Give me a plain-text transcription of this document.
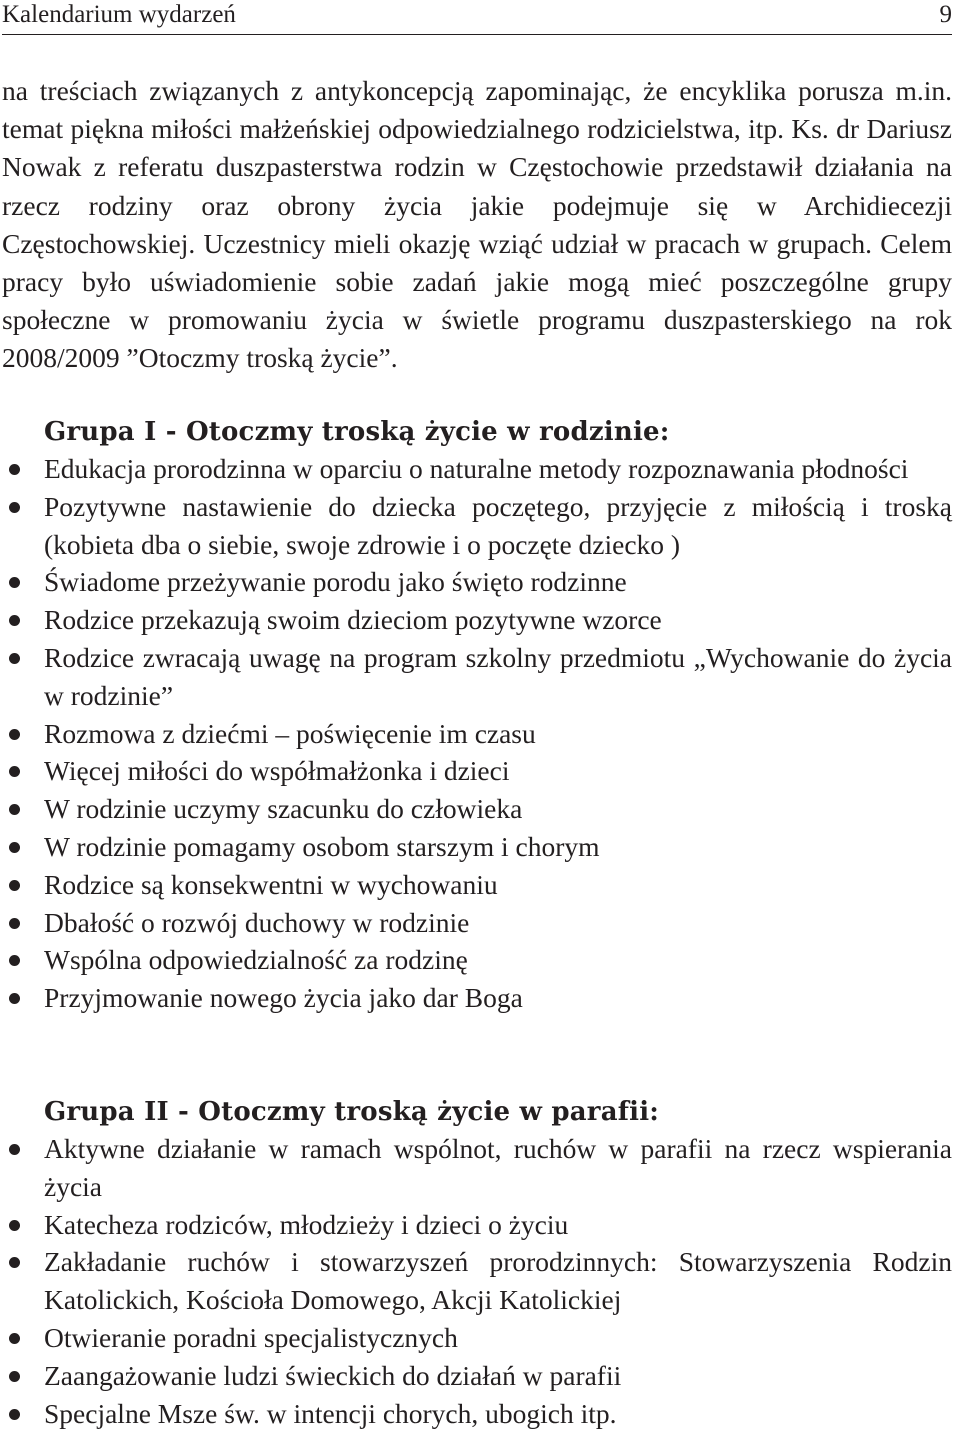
Kalendarium wydarzeń	9

na treściach związanych z antykoncepcją zapominając, że encyklika porusza m.in. temat piękna miłości małżeńskiej odpowiedzialnego rodzicielstwa, itp. Ks. dr Dariusz Nowak z referatu duszpasterstwa rodzin w Częstochowie przedstawił działania na rzecz rodziny oraz obrony życia jakie podejmuje się w Archidiecezji Częstochowskiej. Uczestnicy mieli okazję wziąć udział w pracach w grupach. Celem pracy było uświadomienie sobie zadań jakie mogą mieć poszczególne grupy społeczne w promowaniu życia w świetle programu duszpasterskiego na rok 2008/2009 ”Otoczmy troską życie”.

Grupa I - Otoczmy troską życie w rodzinie:
Edukacja prorodzinna w oparciu o naturalne metody rozpoznawania płodności
Pozytywne nastawienie do dziecka poczętego, przyjęcie z miłością i troską (kobieta dba o siebie, swoje zdrowie i o poczęte dziecko )
Świadome przeżywanie porodu jako święto rodzinne
Rodzice przekazują swoim dzieciom pozytywne wzorce
Rodzice zwracają uwagę na program szkolny przedmiotu „Wychowanie do życia w rodzinie”
Rozmowa z dziećmi – poświęcenie im czasu
Więcej miłości do współmałżonka i dzieci
W rodzinie uczymy szacunku do człowieka
W rodzinie pomagamy osobom starszym i chorym
Rodzice są konsekwentni w wychowaniu
Dbałość o rozwój duchowy w rodzinie
Wspólna odpowiedzialność za rodzinę
Przyjmowanie nowego życia jako dar Boga
Grupa II - Otoczmy troską życie w parafii:
Aktywne działanie w ramach wspólnot, ruchów w parafii na rzecz wspierania życia
Katecheza rodziców, młodzieży i dzieci o życiu
Zakładanie ruchów i stowarzyszeń prorodzinnych: Stowarzyszenia Rodzin Katolickich, Kościoła Domowego, Akcji Katolickiej
Otwieranie poradni specjalistycznych
Zaangażowanie ludzi świeckich do działań w parafii
Specjalne Msze św. w intencji chorych, ubogich itp.
